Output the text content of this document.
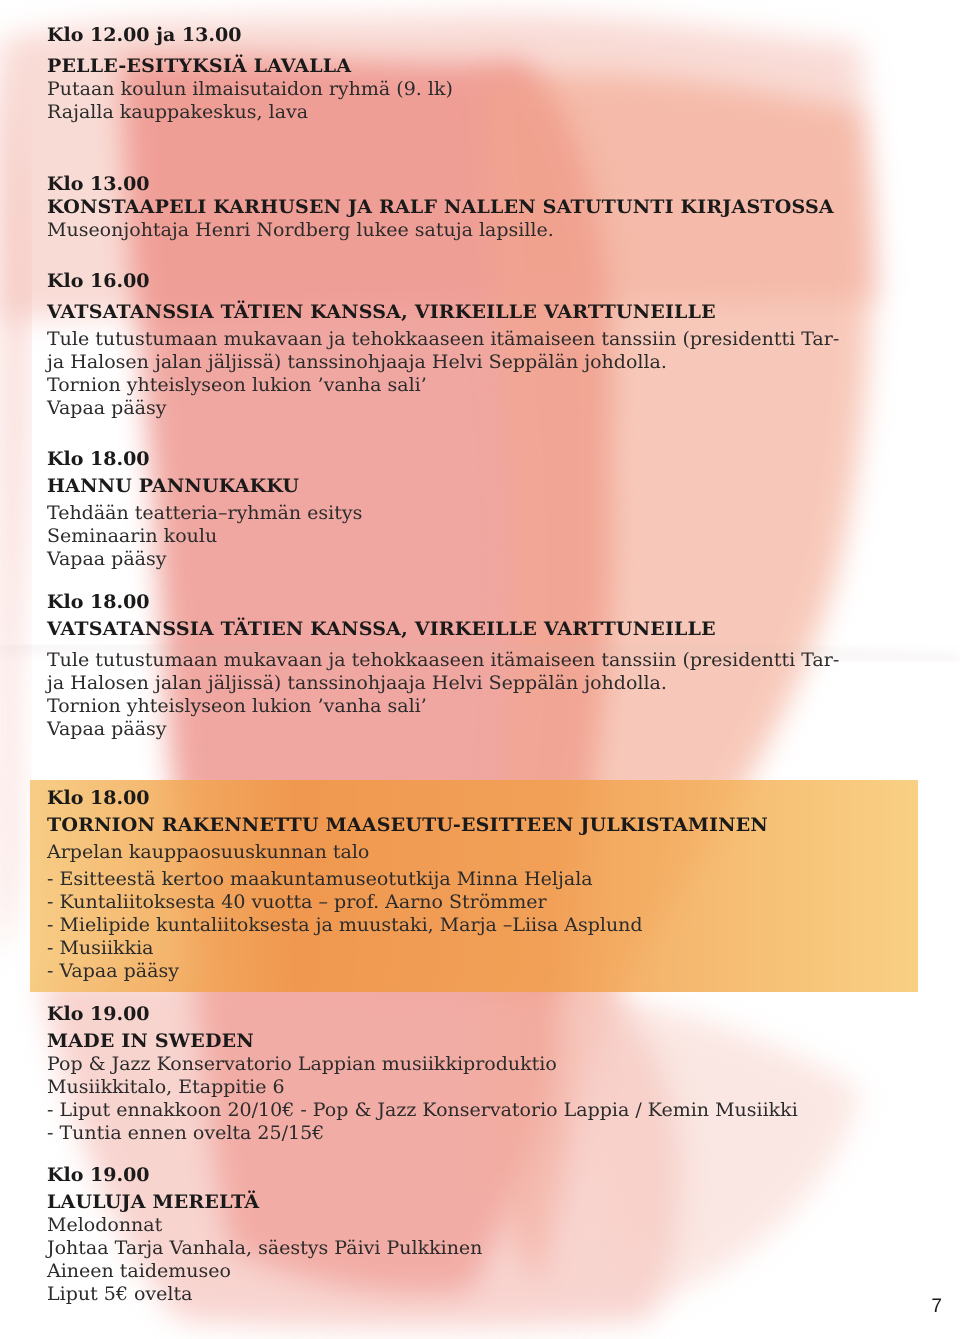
Klo 12.00 ja 13.00
PELLE-ESITYKSIÄ LAVALLA
Putaan koulun ilmaisutaidon ryhmä (9. lk)
Rajalla kauppakeskus, lava
Klo 13.00
KONSTAAPELI KARHUSEN JA RALF NALLEN SATUTUNTI KIRJASTOSSA
Museonjohtaja Henri Nordberg lukee satuja lapsille.
Klo 16.00
VATSATANSSIA TÄTIEN KANSSA, VIRKEILLE VARTTUNEILLE
Tule tutustumaan mukavaan ja tehokkaaseen itämaiseen tanssiin (presidentti Tar-
ja Halosen jalan jäljissä) tanssinohjaaja Helvi Seppälän johdolla.
Tornion yhteislyseon lukion ’vanha sali’
Vapaa pääsy
Klo 18.00
HANNU PANNUKAKKU
Tehdään teatteria–ryhmän esitys
Seminaarin koulu
Vapaa pääsy
Klo 18.00
VATSATANSSIA TÄTIEN KANSSA, VIRKEILLE VARTTUNEILLE
Tule tutustumaan mukavaan ja tehokkaaseen itämaiseen tanssiin (presidentti Tar-
ja Halosen jalan jäljissä) tanssinohjaaja Helvi Seppälän johdolla.
Tornion yhteislyseon lukion ’vanha sali’
Vapaa pääsy
Klo 18.00
TORNION RAKENNETTU MAASEUTU-ESITTEEN JULKISTAMINEN
Arpelan kauppaosuuskunnan talo
- Esitteestä kertoo maakuntamuseotutkija Minna Heljala
- Kuntaliitoksesta 40 vuotta – prof. Aarno Strömmer
- Mielipide kuntaliitoksesta ja muustaki, Marja –Liisa Asplund
- Musiikkia
- Vapaa pääsy
Klo 19.00
MADE IN SWEDEN
Pop & Jazz Konservatorio Lappian musiikkiproduktio
Musiikkitalo, Etappitie 6
- Liput ennakkoon 20/10€ - Pop & Jazz Konservatorio Lappia / Kemin Musiikki
- Tuntia ennen ovelta 25/15€
Klo 19.00
LAULUJA MERELTÄ
Melodonnat
Johtaa Tarja Vanhala, säestys Päivi Pulkkinen
Aineen taidemuseo
Liput 5€ ovelta
7
